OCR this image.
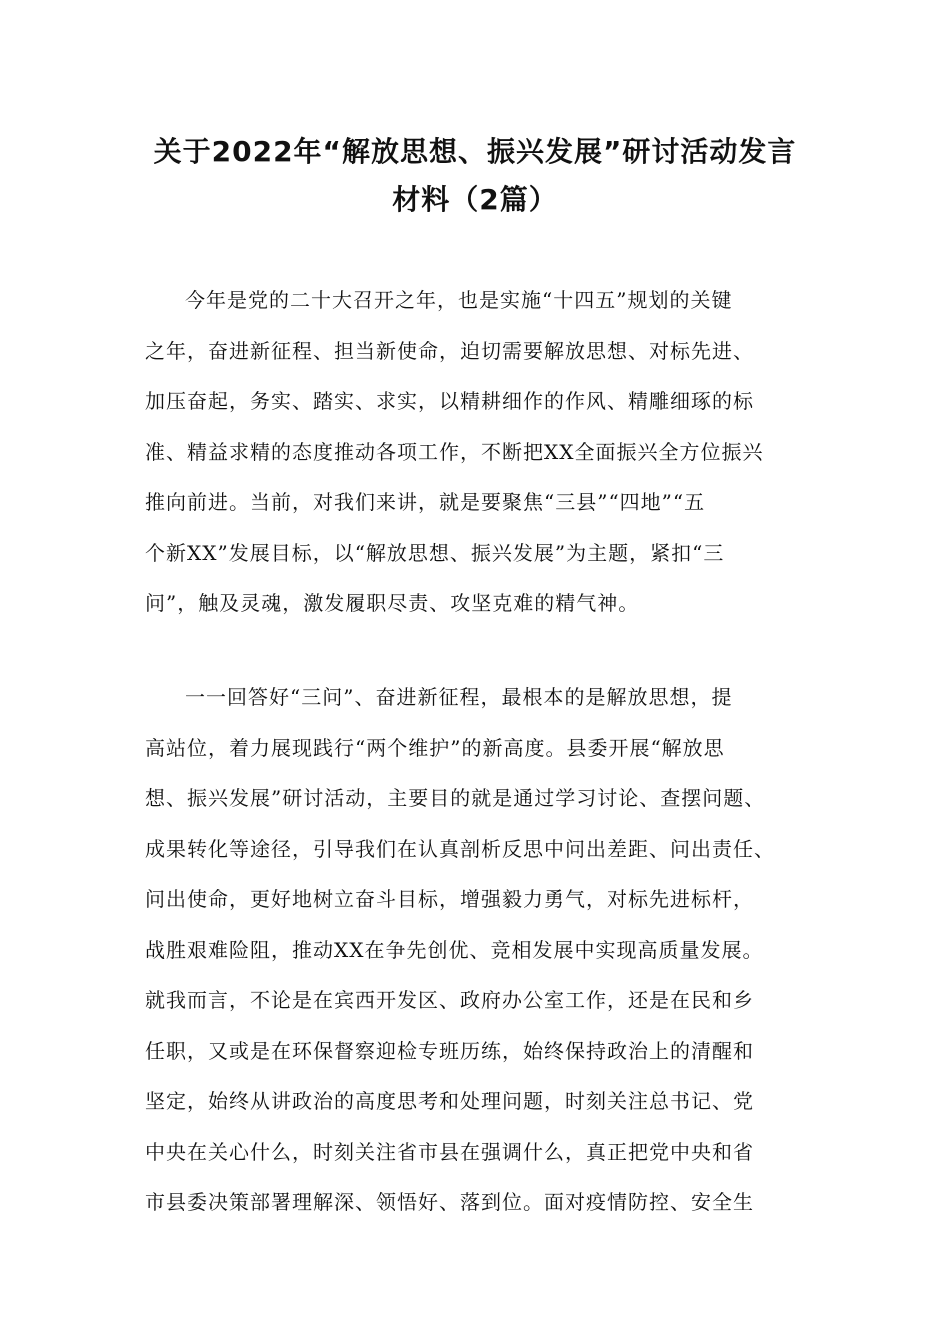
关于2022年“解放思想、振兴发展”研讨活动发言
材料（2篇）
今年是党的二十大召开之年，也是实施“十四五”规划的关键
之年，奋进新征程、担当新使命，迫切需要解放思想、对标先进、
加压奋起，务实、踏实、求实，以精耕细作的作风、精雕细琢的标
准、精益求精的态度推动各项工作，不断把XX全面振兴全方位振兴
推向前进。当前，对我们来讲，就是要聚焦“三县”“四地”“五
个新XX”发展目标，以“解放思想、振兴发展”为主题，紧扣“三
问”，触及灵魂，激发履职尽责、攻坚克难的精气神。
一一回答好“三问”、奋进新征程，最根本的是解放思想，提
高站位，着力展现践行“两个维护”的新高度。县委开展“解放思
想、振兴发展”研讨活动，主要目的就是通过学习讨论、查摆问题、
成果转化等途径，引导我们在认真剖析反思中问出差距、问出责任、
问出使命，更好地树立奋斗目标，增强毅力勇气，对标先进标杆，
战胜艰难险阻，推动XX在争先创优、竞相发展中实现高质量发展。
就我而言，不论是在宾西开发区、政府办公室工作，还是在民和乡
任职，又或是在环保督察迎检专班历练，始终保持政治上的清醒和
坚定，始终从讲政治的高度思考和处理问题，时刻关注总书记、党
中央在关心什么，时刻关注省市县在强调什么，真正把党中央和省
市县委决策部署理解深、领悟好、落到位。面对疫情防控、安全生
